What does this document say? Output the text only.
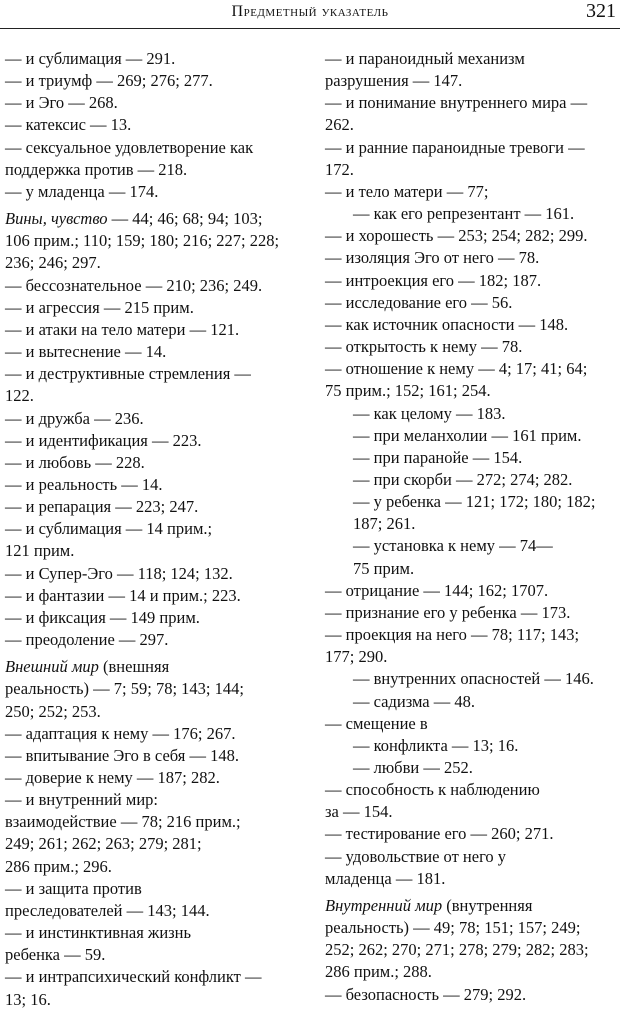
Предметный указатель	321
— и сублимация — 291.
— и триумф — 269; 276; 277.
— и Эго — 268.
— катексис — 13.
— сексуальное удовлетворение как
поддержка против — 218.
— у младенца — 174.
Вины, чувство — 44; 46; 68; 94; 103;
106 прим.; 110; 159; 180; 216; 227; 228;
236; 246; 297.
— бессознательное — 210; 236; 249.
— и агрессия — 215 прим.
— и атаки на тело матери — 121.
— и вытеснение — 14.
— и деструктивные стремления —
122.
— и дружба — 236.
— и идентификация — 223.
— и любовь — 228.
— и реальность — 14.
— и репарация — 223; 247.
— и сублимация — 14 прим.;
121 прим.
— и Супер-Эго — 118; 124; 132.
— и фантазии — 14 и прим.; 223.
— и фиксация — 149 прим.
— преодоление — 297.
Внешний мир (внешняя
реальность) — 7; 59; 78; 143; 144;
250; 252; 253.
— адаптация к нему — 176; 267.
— впитывание Эго в себя — 148.
— доверие к нему — 187; 282.
— и внутренний мир:
взаимодействие — 78; 216 прим.;
249; 261; 262; 263; 279; 281;
286 прим.; 296.
— и защита против
преследователей — 143; 144.
— и инстинктивная жизнь
ребенка — 59.
— и интрапсихический конфликт —
13; 16.
— и параноидный механизм
разрушения — 147.
— и понимание внутреннего мира —
262.
— и ранние параноидные тревоги —
172.
— и тело матери — 77;
— как его репрезентант — 161.
— и хорошесть — 253; 254; 282; 299.
— изоляция Эго от него — 78.
— интроекция его — 182; 187.
— исследование его — 56.
— как источник опасности — 148.
— открытость к нему — 78.
— отношение к нему — 4; 17; 41; 64;
75 прим.; 152; 161; 254.
— как целому — 183.
— при меланхолии — 161 прим.
— при паранойе — 154.
— при скорби — 272; 274; 282.
— у ребенка — 121; 172; 180; 182;
187; 261.
— установка к нему — 74—
75 прим.
— отрицание — 144; 162; 1707.
— признание его у ребенка — 173.
— проекция на него — 78; 117; 143;
177; 290.
— внутренних опасностей — 146.
— садизма — 48.
— смещение в
— конфликта — 13; 16.
— любви — 252.
— способность к наблюдению
за — 154.
— тестирование его — 260; 271.
— удовольствие от него у
младенца — 181.
Внутренний мир (внутренняя
реальность) — 49; 78; 151; 157; 249;
252; 262; 270; 271; 278; 279; 282; 283;
286 прим.; 288.
— безопасность — 279; 292.
